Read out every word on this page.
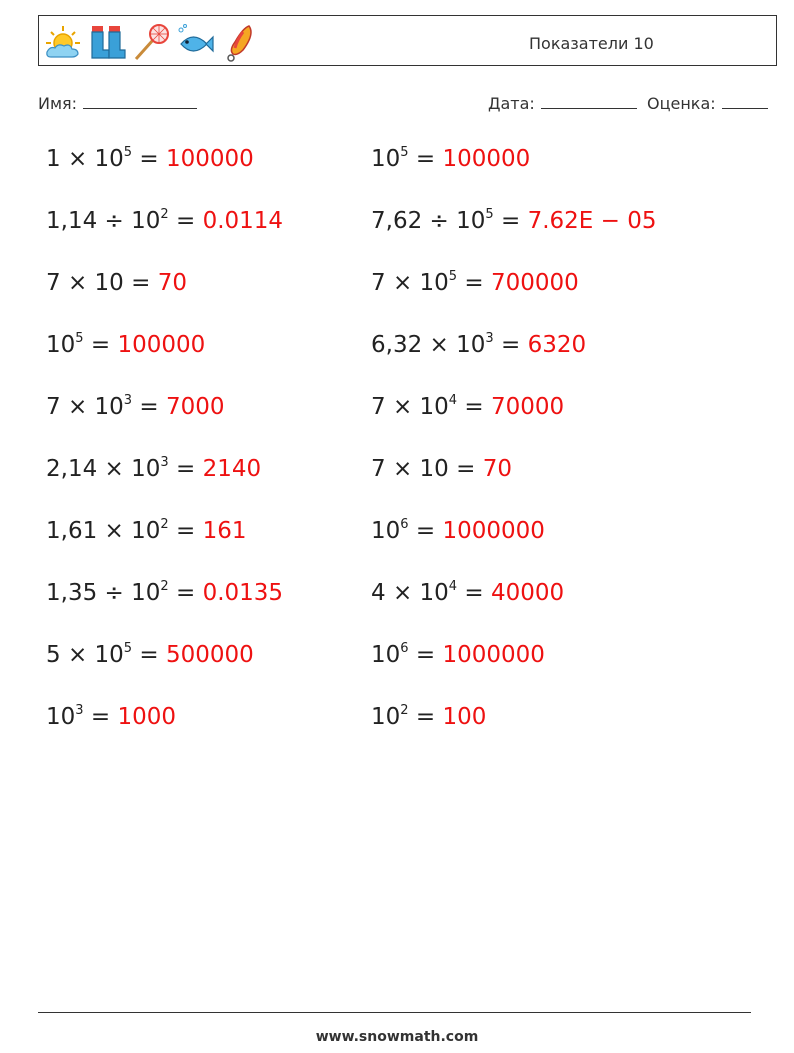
Показатели 10
Имя:	Дата:	Оценка:
$1 \times 10^5 = 100000$	$10^5 = 100000$
$1,14 \div 10^2 = 0.0114$	$7,62 \div 10^5 = 7.62E - 05$
7 × 10 = 70	$7 \times 10^5 = 700000$
$10^5 = 100000$	$6,32 \times 10^3 = 6320$
$7 \times 10^3 = 7000$	$7 \times 10^4 = 70000$
$2,14 \times 10^3 = 2140$	7 × 10 = 70
$1,61 \times 10^2 = 161$	$10^6 = 1000000$
$1,35 \div 10^2 = 0.0135$	$4 \times 10^4 = 40000$
$5 \times 10^5 = 500000$	$10^6 = 1000000$
$10^3 = 1000$	$10^2 = 100$
www.snowmath.com
